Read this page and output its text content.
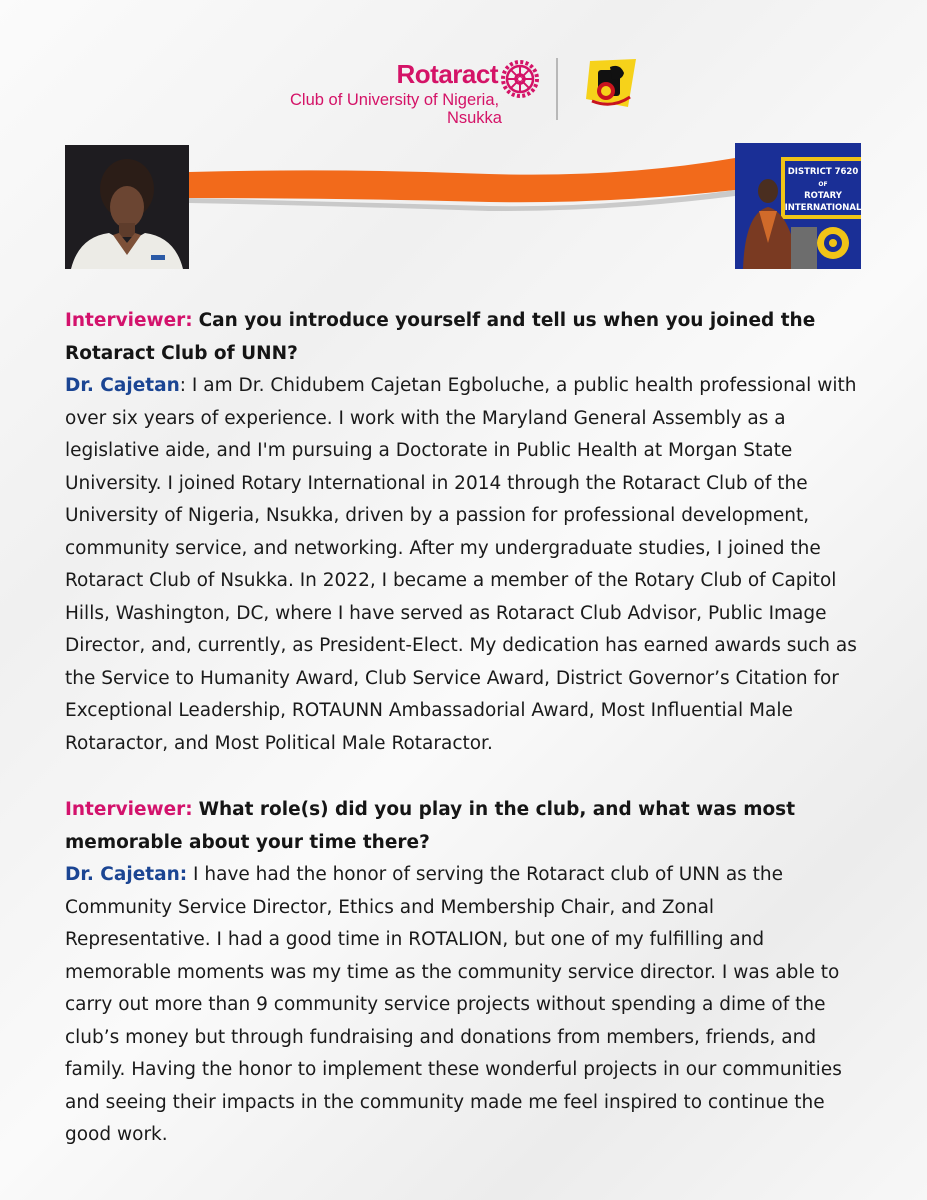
Rotaract
Club of University of Nigeria,
Nsukka
DISTRICT 7620
OF
ROTARY
INTERNATIONAL

Interviewer: Can you introduce yourself and tell us when you joined the Rotaract Club of UNN?
Dr. Cajetan: I am Dr. Chidubem Cajetan Egboluche, a public health professional with over six years of experience. I work with the Maryland General Assembly as a legislative aide, and I'm pursuing a Doctorate in Public Health at Morgan State University. I joined Rotary International in 2014 through the Rotaract Club of the University of Nigeria, Nsukka, driven by a passion for professional development, community service, and networking. After my undergraduate studies, I joined the Rotaract Club of Nsukka. In 2022, I became a member of the Rotary Club of Capitol Hills, Washington, DC, where I have served as Rotaract Club Advisor, Public Image Director, and, currently, as President-Elect. My dedication has earned awards such as the Service to Humanity Award, Club Service Award, District Governor’s Citation for Exceptional Leadership, ROTAUNN Ambassadorial Award, Most Influential Male Rotaractor, and Most Political Male Rotaractor.

Interviewer: What role(s) did you play in the club, and what was most memorable about your time there?
Dr. Cajetan: I have had the honor of serving the Rotaract club of UNN as the Community Service Director, Ethics and Membership Chair, and Zonal Representative. I had a good time in ROTALION, but one of my fulfilling and memorable moments was my time as the community service director. I was able to carry out more than 9 community service projects without spending a dime of the club’s money but through fundraising and donations from members, friends, and family. Having the honor to implement these wonderful projects in our communities and seeing their impacts in the community made me feel inspired to continue the good work.
